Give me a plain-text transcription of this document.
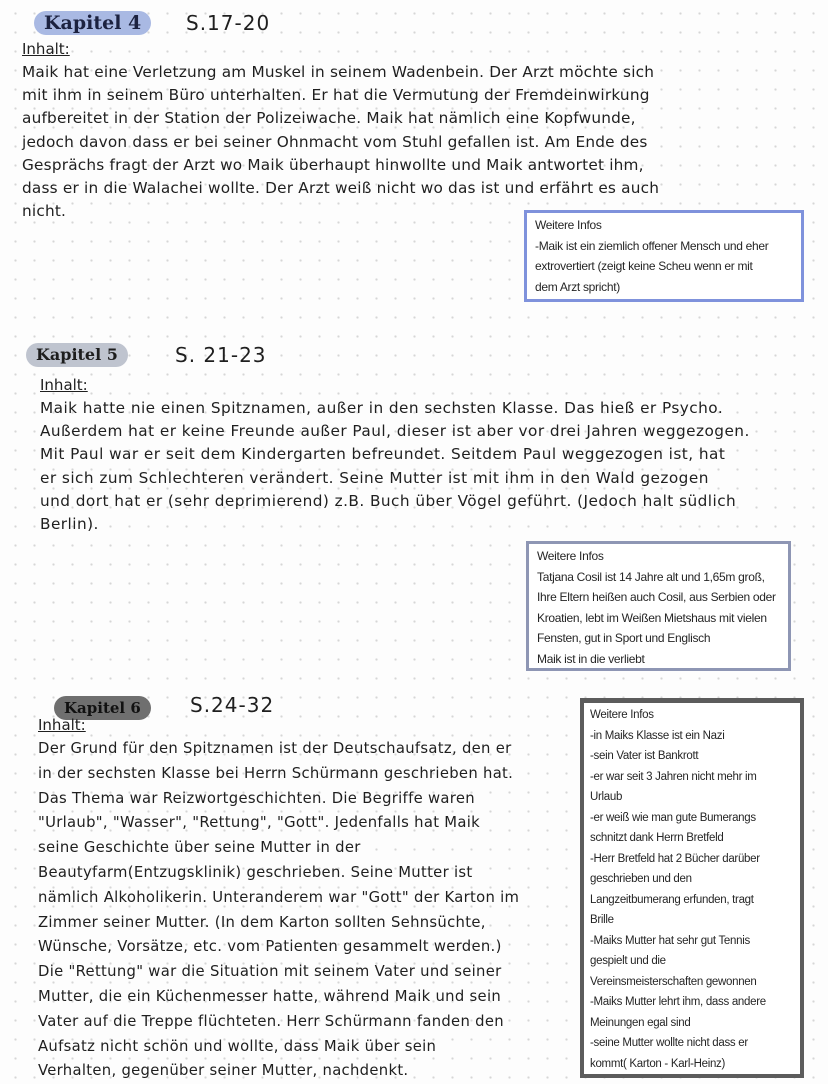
Kapitel 4	S.17-20
Inhalt:
Maik hat eine Verletzung am Muskel in seinem Wadenbein. Der Arzt möchte sich
mit ihm in seinem Büro unterhalten. Er hat die Vermutung der Fremdeinwirkung
aufbereitet in der Station der Polizeiwache. Maik hat nämlich eine Kopfwunde,
jedoch davon dass er bei seiner Ohnmacht vom Stuhl gefallen ist. Am Ende des
Gesprächs fragt der Arzt wo Maik überhaupt hinwollte und Maik antwortet ihm,
dass er in die Walachei wollte. Der Arzt weiß nicht wo das ist und erfährt es auch
nicht.
Weitere Infos
-Maik ist ein ziemlich offener Mensch und eher
extrovertiert (zeigt keine Scheu wenn er mit
dem Arzt spricht)
Kapitel 5	S. 21-23
Inhalt:
Maik hatte nie einen Spitznamen, außer in den sechsten Klasse. Das hieß er Psycho.
Außerdem hat er keine Freunde außer Paul, dieser ist aber vor drei Jahren weggezogen.
Mit Paul war er seit dem Kindergarten befreundet. Seitdem Paul weggezogen ist, hat
er sich zum Schlechteren verändert. Seine Mutter ist mit ihm in den Wald gezogen
und dort hat er (sehr deprimierend) z.B. Buch über Vögel geführt. (Jedoch halt südlich
Berlin).
Weitere Infos
Tatjana Cosil ist 14 Jahre alt und 1,65m groß,
Ihre Eltern heißen auch Cosil, aus Serbien oder
Kroatien, lebt im Weißen Mietshaus mit vielen
Fensten, gut in Sport und Englisch
Maik ist in die verliebt
Kapitel 6	S.24-32
Inhalt:
Der Grund für den Spitznamen ist der Deutschaufsatz, den er
in der sechsten Klasse bei Herrn Schürmann geschrieben hat.
Das Thema war Reizwortgeschichten. Die Begriffe waren
"Urlaub", "Wasser", "Rettung", "Gott". Jedenfalls hat Maik
seine Geschichte über seine Mutter in der
Beautyfarm(Entzugsklinik) geschrieben. Seine Mutter ist
nämlich Alkoholikerin. Unteranderem war "Gott" der Karton im
Zimmer seiner Mutter. (In dem Karton sollten Sehnsüchte,
Wünsche, Vorsätze, etc. vom Patienten gesammelt werden.)
Die "Rettung" war die Situation mit seinem Vater und seiner
Mutter, die ein Küchenmesser hatte, während Maik und sein
Vater auf die Treppe flüchteten. Herr Schürmann fanden den
Aufsatz nicht schön und wollte, dass Maik über sein
Verhalten, gegenüber seiner Mutter, nachdenkt.
Weitere Infos
-in Maiks Klasse ist ein Nazi
-sein Vater ist Bankrott
-er war seit 3 Jahren nicht mehr im
Urlaub
-er weiß wie man gute Bumerangs
schnitzt dank Herrn Bretfeld
-Herr Bretfeld hat 2 Bücher darüber
geschrieben und den
Langzeitbumerang erfunden, tragt
Brille
-Maiks Mutter hat sehr gut Tennis
gespielt und die
Vereinsmeisterschaften gewonnen
-Maiks Mutter lehrt ihm, dass andere
Meinungen egal sind
-seine Mutter wollte nicht dass er
kommt( Karton - Karl-Heinz)
